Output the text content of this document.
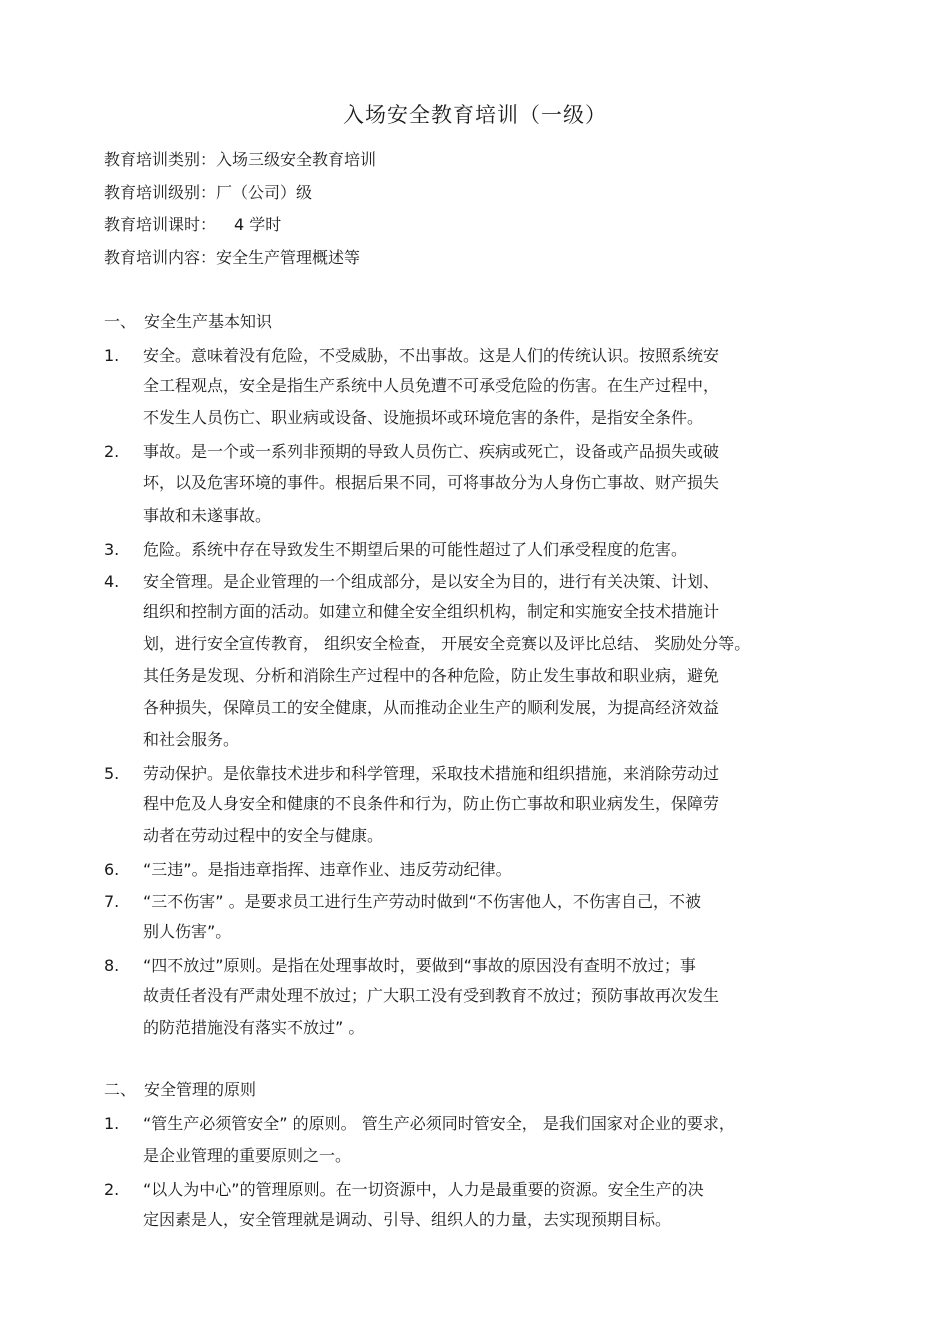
入场安全教育培训（一级）
教育培训类别：入场三级安全教育培训
教育培训级别：厂（公司）级
教育培训课时： 4 学时
教育培训内容：安全生产管理概述等
一、 安全生产基本知识
1. 安全。意味着没有危险，不受威胁，不出事故。这是人们的传统认识。按照系统安
全工程观点，安全是指生产系统中人员免遭不可承受危险的伤害。在生产过程中，
不发生人员伤亡、职业病或设备、设施损坏或环境危害的条件，是指安全条件。
2. 事故。是一个或一系列非预期的导致人员伤亡、疾病或死亡，设备或产品损失或破
坏，以及危害环境的事件。根据后果不同，可将事故分为人身伤亡事故、财产损失
事故和未遂事故。
3. 危险。系统中存在导致发生不期望后果的可能性超过了人们承受程度的危害。
4. 安全管理。是企业管理的一个组成部分，是以安全为目的，进行有关决策、计划、
组织和控制方面的活动。如建立和健全安全组织机构，制定和实施安全技术措施计
划，进行安全宣传教育， 组织安全检查， 开展安全竞赛以及评比总结、 奖励处分等。
其任务是发现、分析和消除生产过程中的各种危险，防止发生事故和职业病，避免
各种损失，保障员工的安全健康，从而推动企业生产的顺利发展，为提高经济效益
和社会服务。
5. 劳动保护。是依靠技术进步和科学管理，采取技术措施和组织措施，来消除劳动过
程中危及人身安全和健康的不良条件和行为，防止伤亡事故和职业病发生，保障劳
动者在劳动过程中的安全与健康。
6. “三违”。是指违章指挥、违章作业、违反劳动纪律。
7. “三不伤害” 。是要求员工进行生产劳动时做到“不伤害他人，不伤害自己，不被
别人伤害”。
8. “四不放过”原则。是指在处理事故时，要做到“事故的原因没有查明不放过；事
故责任者没有严肃处理不放过；广大职工没有受到教育不放过；预防事故再次发生
的防范措施没有落实不放过” 。
二、 安全管理的原则
1. “管生产必须管安全” 的原则。 管生产必须同时管安全， 是我们国家对企业的要求，
是企业管理的重要原则之一。
2. “以人为中心”的管理原则。在一切资源中，人力是最重要的资源。安全生产的决
定因素是人，安全管理就是调动、引导、组织人的力量，去实现预期目标。
